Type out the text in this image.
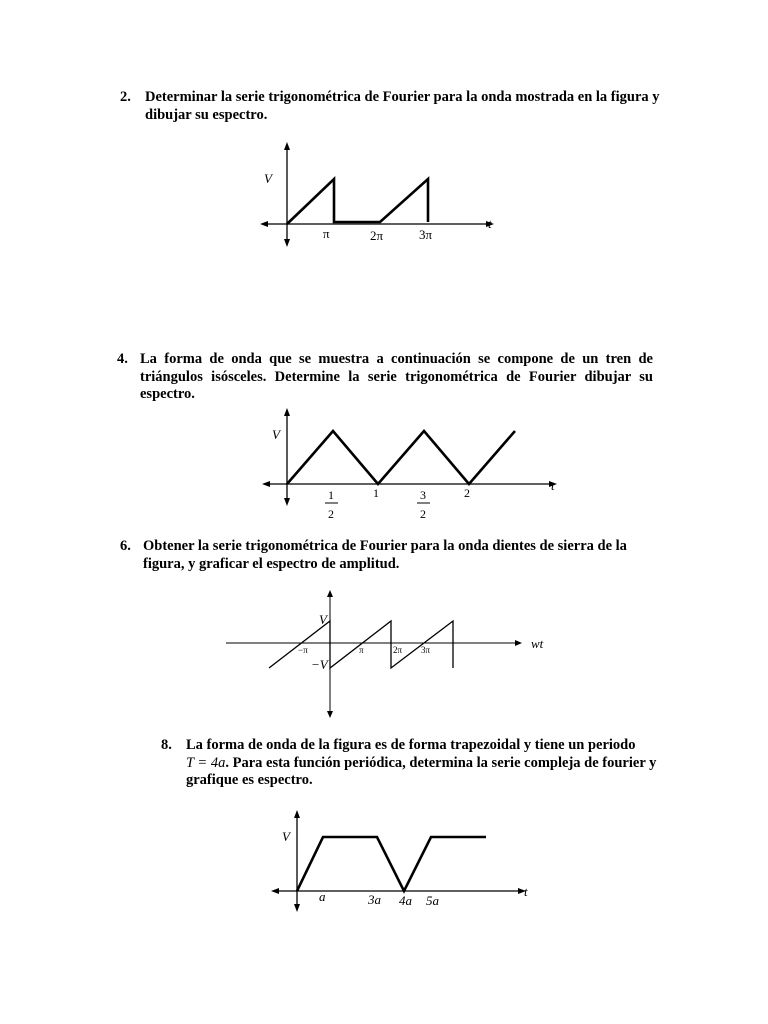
2. Determinar la serie trigonométrica de Fourier para la onda mostrada en la figura y dibujar su espectro.
V
t
π	2π	3π
4. La forma de onda que se muestra a continuación se compone de un tren de triángulos isósceles. Determine la serie trigonométrica de Fourier dibujar su espectro.
V
t
1
2
1	3
2
2
6. Obtener la serie trigonométrica de Fourier para la onda dientes de sierra de la figura, y graficar el espectro de amplitud.
V
−V
wt
−π	π	2π 3π
8. La forma de onda de la figura es de forma trapezoidal y tiene un periodo
T = 4a. Para esta función periódica, determina la serie compleja de fourier y grafique es espectro.
V
t
a	3a 4a 5a
